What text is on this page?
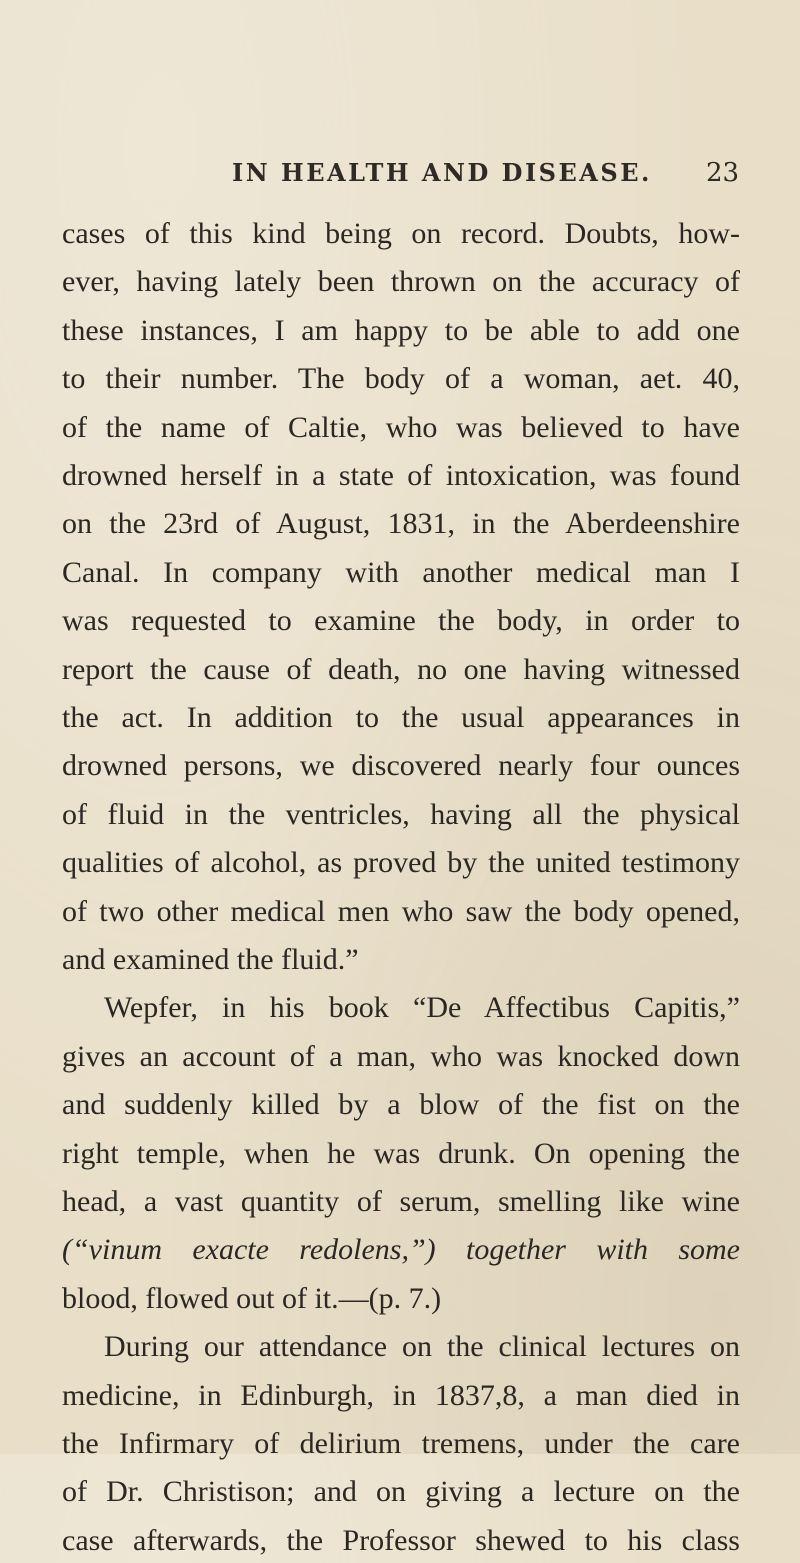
IN HEALTH AND DISEASE. 23
cases of this kind being on record. Doubts, how-
ever, having lately been thrown on the accuracy of
these instances, I am happy to be able to add one
to their number. The body of a woman, aet. 40,
of the name of Caltie, who was believed to have
drowned herself in a state of intoxication, was found
on the 23rd of August, 1831, in the Aberdeenshire
Canal. In company with another medical man I
was requested to examine the body, in order to
report the cause of death, no one having witnessed
the act. In addition to the usual appearances in
drowned persons, we discovered nearly four ounces
of fluid in the ventricles, having all the physical
qualities of alcohol, as proved by the united testimony
of two other medical men who saw the body opened,
and examined the fluid.”
Wepfer, in his book “De Affectibus Capitis,”
gives an account of a man, who was knocked down
and suddenly killed by a blow of the fist on the
right temple, when he was drunk. On opening the
head, a vast quantity of serum, smelling like wine
(“vinum exacte redolens,”) together with some
blood, flowed out of it.—(p. 7.)
During our attendance on the clinical lectures on
medicine, in Edinburgh, in 1837,8, a man died in
the Infirmary of delirium tremens, under the care
of Dr. Christison; and on giving a lecture on the
case afterwards, the Professor shewed to his class
